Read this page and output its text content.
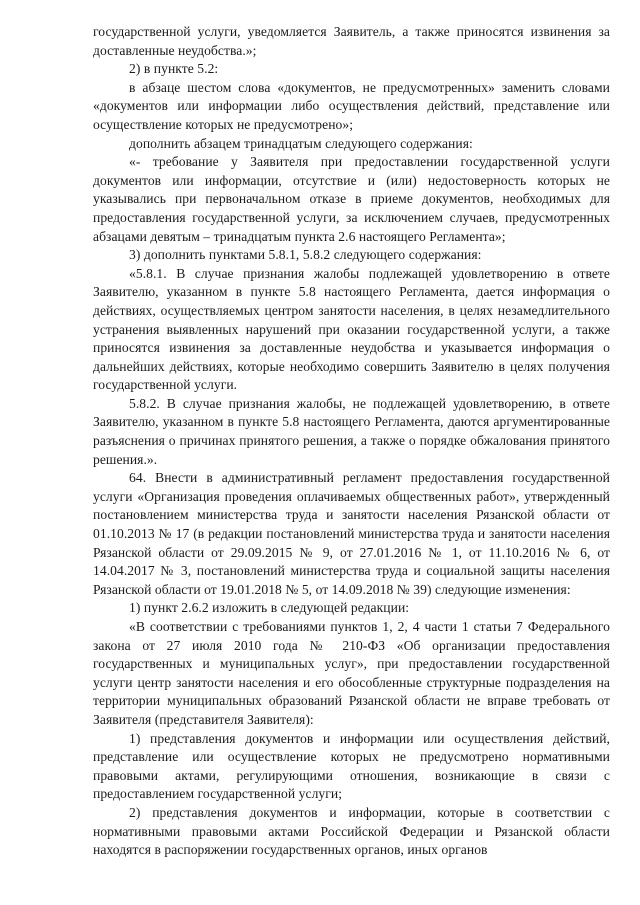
государственной услуги, уведомляется Заявитель, а также приносятся извинения за доставленные неудобства.»;

2) в пункте 5.2:

в абзаце шестом слова «документов, не предусмотренных» заменить словами «документов или информации либо осуществления действий, представление или осуществление которых не предусмотрено»;

дополнить абзацем тринадцатым следующего содержания:

«- требование у Заявителя при предоставлении государственной услуги документов или информации, отсутствие и (или) недостоверность которых не указывались при первоначальном отказе в приеме документов, необходимых для предоставления государственной услуги, за исключением случаев, предусмотренных абзацами девятым – тринадцатым пункта 2.6 настоящего Регламента»;

3) дополнить пунктами 5.8.1, 5.8.2 следующего содержания:

«5.8.1. В случае признания жалобы подлежащей удовлетворению в ответе Заявителю, указанном в пункте 5.8 настоящего Регламента, дается информация о действиях, осуществляемых центром занятости населения, в целях незамедлительного устранения выявленных нарушений при оказании государственной услуги, а также приносятся извинения за доставленные неудобства и указывается информация о дальнейших действиях, которые необходимо совершить Заявителю в целях получения государственной услуги.

5.8.2. В случае признания жалобы, не подлежащей удовлетворению, в ответе Заявителю, указанном в пункте 5.8 настоящего Регламента, даются аргументированные разъяснения о причинах принятого решения, а также о порядке обжалования принятого решения.».

64. Внести в административный регламент предоставления государственной услуги «Организация проведения оплачиваемых общественных работ», утвержденный постановлением министерства труда и занятости населения Рязанской области от 01.10.2013 № 17 (в редакции постановлений министерства труда и занятости населения Рязанской области от 29.09.2015 № 9, от 27.01.2016 № 1, от 11.10.2016 № 6, от 14.04.2017 № 3, постановлений министерства труда и социальной защиты населения Рязанской области от 19.01.2018 № 5, от 14.09.2018 № 39) следующие изменения:

1) пункт 2.6.2 изложить в следующей редакции:

«В соответствии с требованиями пунктов 1, 2, 4 части 1 статьи 7 Федерального закона от 27 июля 2010 года № 210-ФЗ «Об организации предоставления государственных и муниципальных услуг», при предоставлении государственной услуги центр занятости населения и его обособленные структурные подразделения на территории муниципальных образований Рязанской области не вправе требовать от Заявителя (представителя Заявителя):

1) представления документов и информации или осуществления действий, представление или осуществление которых не предусмотрено нормативными правовыми актами, регулирующими отношения, возникающие в связи с предоставлением государственной услуги;

2) представления документов и информации, которые в соответствии с нормативными правовыми актами Российской Федерации и Рязанской области находятся в распоряжении государственных органов, иных органов
